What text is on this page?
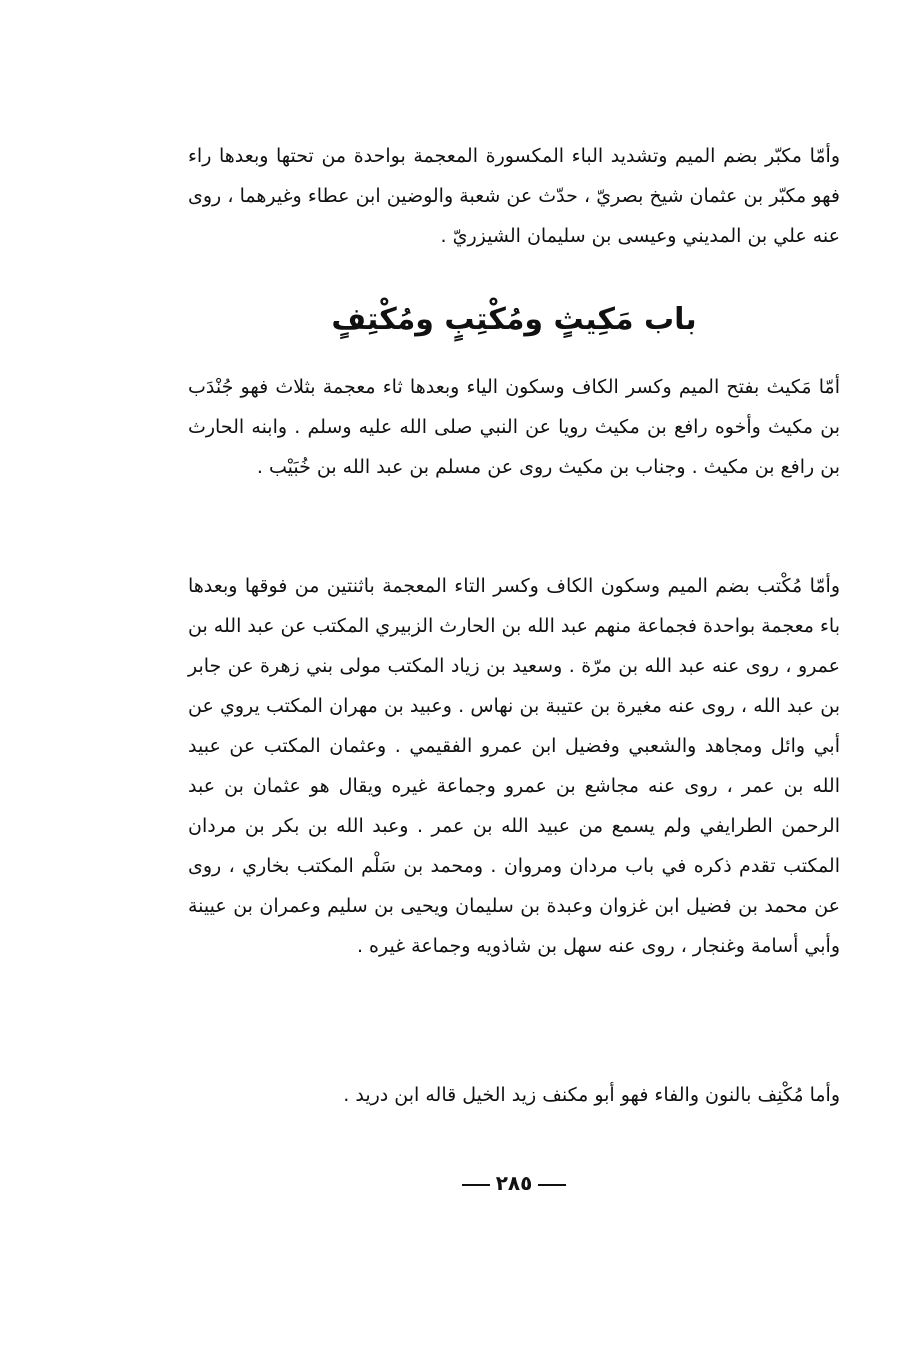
وأمّا مكبّر بضم الميم وتشديد الباء المكسورة المعجمة بواحدة من تحتها وبعدها راء فهو مكبّر بن عثمان شيخ بصريّ ، حدّث عن شعبة والوضين ابن عطاء وغيرهما ، روى عنه علي بن المديني وعيسى بن سليمان الشيزريّ .

باب مَكِيثٍ ومُكْتِبٍ ومُكْتِفٍ

أمّا مَكيث بفتح الميم وكسر الكاف وسكون الياء وبعدها ثاء معجمة بثلاث فهو جُنْدَب بن مكيث وأخوه رافع بن مكيث رويا عن النبي صلى الله عليه وسلم . وابنه الحارث بن رافع بن مكيث . وجناب بن مكيث روى عن مسلم بن عبد الله بن خُبَيْب .

وأمّا مُكْتب بضم الميم وسكون الكاف وكسر التاء المعجمة باثنتين من فوقها وبعدها باء معجمة بواحدة فجماعة منهم عبد الله بن الحارث الزبيري المكتب عن عبد الله بن عمرو ، روى عنه عبد الله بن مرّة . وسعيد بن زياد المكتب مولى بني زهرة عن جابر بن عبد الله ، روى عنه مغيرة بن عتيبة بن نهاس . وعبيد بن مهران المكتب يروي عن أبي وائل ومجاهد والشعبي وفضيل ابن عمرو الفقيمي . وعثمان المكتب عن عبيد الله بن عمر ، روى عنه مجاشع بن عمرو وجماعة غيره ويقال هو عثمان بن عبد الرحمن الطرايفي ولم يسمع من عبيد الله بن عمر . وعبد الله بن بكر بن مردان المكتب تقدم ذكره في باب مردان ومروان . ومحمد بن سَلْم المكتب بخاري ، روى عن محمد بن فضيل ابن غزوان وعبدة بن سليمان ويحيى بن سليم وعمران بن عيينة وأبي أسامة وغنجار ، روى عنه سهل بن شاذويه وجماعة غيره .

وأما مُكْنِف بالنون والفاء فهو أبو مكنف زيد الخيل قاله ابن دريد .

٢٨٥
